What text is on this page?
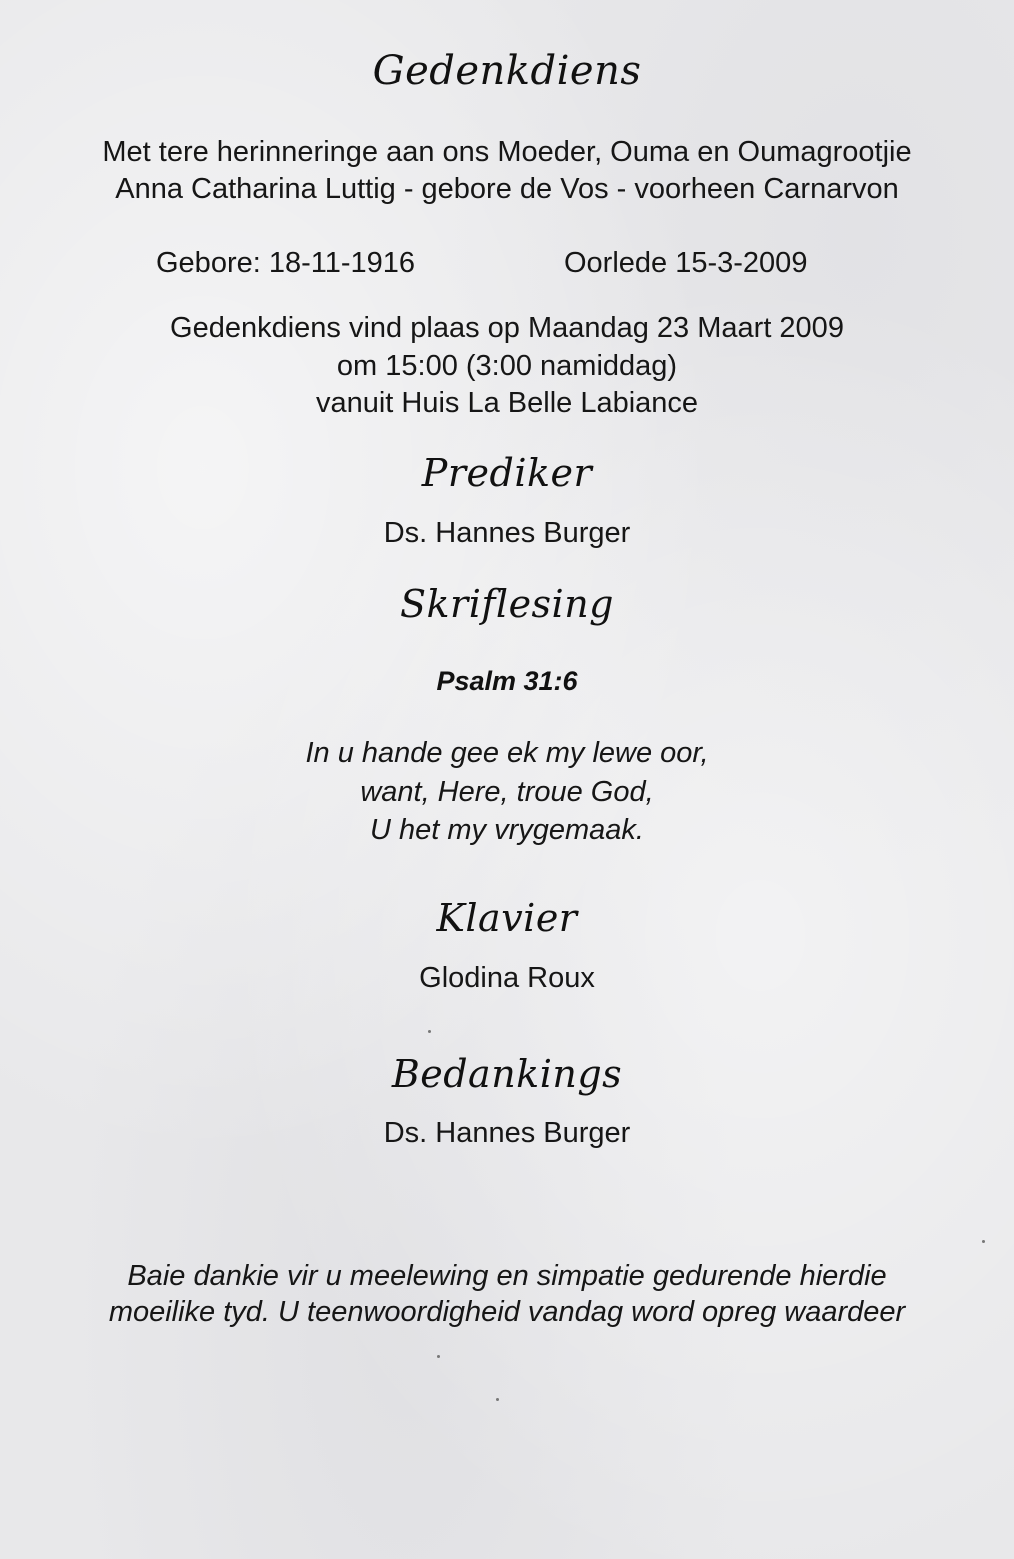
Gedenkdiens

Met tere herinneringe aan ons Moeder, Ouma en Oumagrootjie

Anna Catharina Luttig - gebore de Vos - voorheen Carnarvon

Gebore: 18-11-1916	Oorlede 15-3-2009

Gedenkdiens vind plaas op Maandag 23 Maart 2009

om 15:00 (3:00 namiddag)

vanuit Huis La Belle Labiance

Prediker

Ds. Hannes Burger

Skriflesing

Psalm 31:6

In u hande gee ek my lewe oor,

want, Here, troue God,

U het my vrygemaak.

Klavier

Glodina Roux

Bedankings

Ds. Hannes Burger

Baie dankie vir u meelewing en simpatie gedurende hierdie

moeilike tyd. U teenwoordigheid vandag word opreg waardeer
